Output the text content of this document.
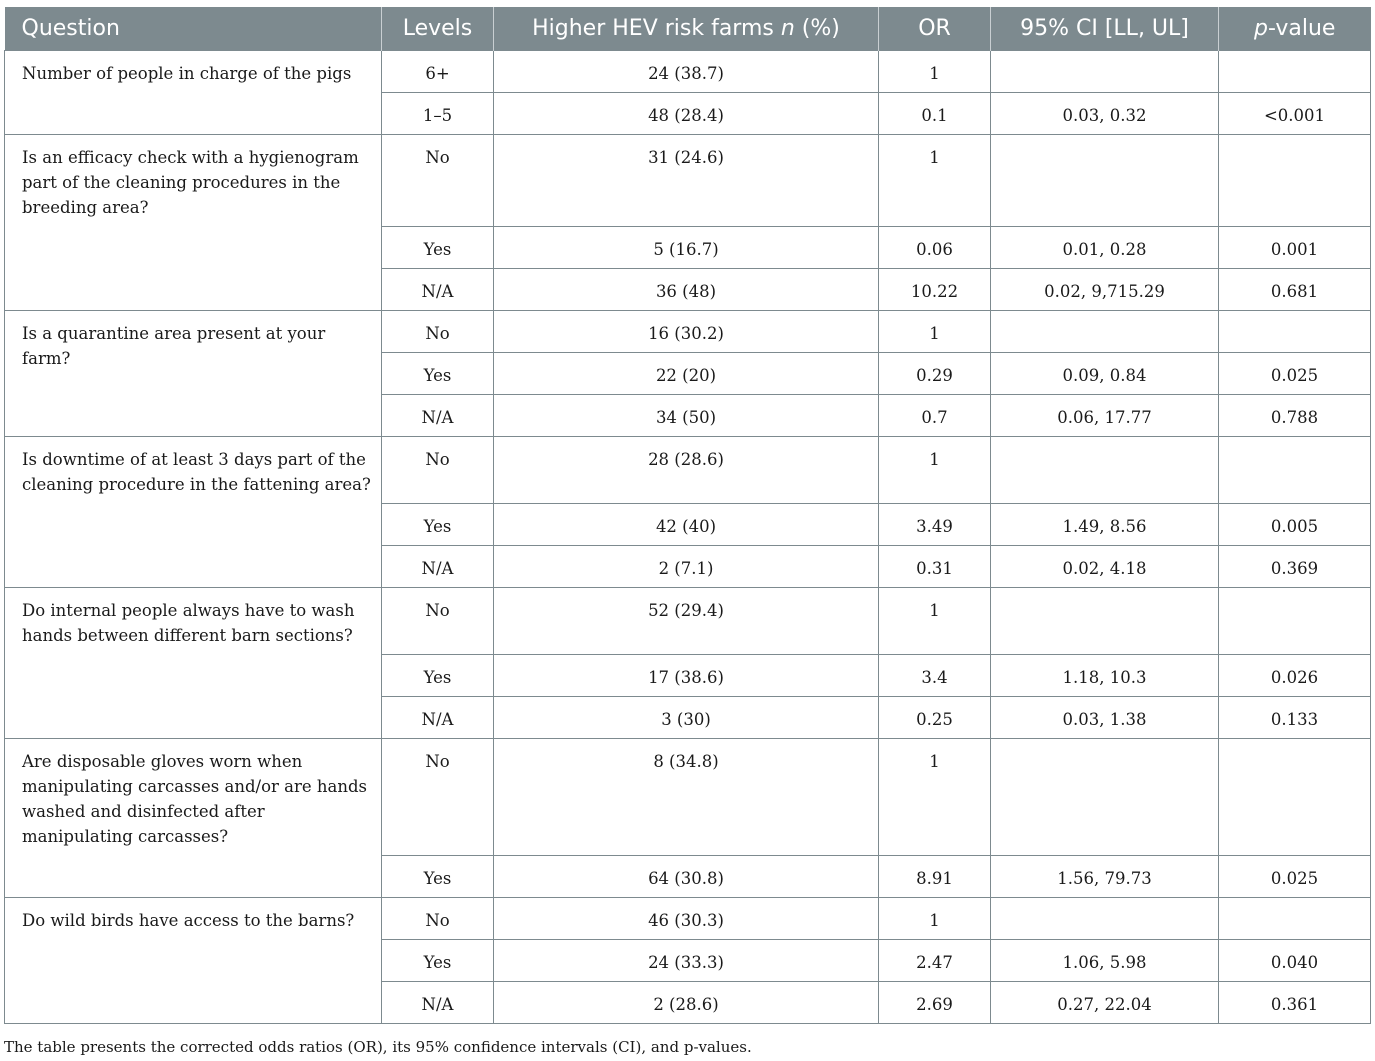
Question	Levels	Higher HEV risk farms n (%)	OR	95% CI [LL, UL]	p-value
Number of people in charge of the pigs	6+	24 (38.7)	1		
	1–5	48 (28.4)	0.1	0.03, 0.32	<0.001
Is an efficacy check with a hygienogram part of the cleaning procedures in the breeding area?	No	31 (24.6)	1		
	Yes	5 (16.7)	0.06	0.01, 0.28	0.001
	N/A	36 (48)	10.22	0.02, 9,715.29	0.681
Is a quarantine area present at your farm?	No	16 (30.2)	1		
	Yes	22 (20)	0.29	0.09, 0.84	0.025
	N/A	34 (50)	0.7	0.06, 17.77	0.788
Is downtime of at least 3 days part of the cleaning procedure in the fattening area?	No	28 (28.6)	1		
	Yes	42 (40)	3.49	1.49, 8.56	0.005
	N/A	2 (7.1)	0.31	0.02, 4.18	0.369
Do internal people always have to wash hands between different barn sections?	No	52 (29.4)	1		
	Yes	17 (38.6)	3.4	1.18, 10.3	0.026
	N/A	3 (30)	0.25	0.03, 1.38	0.133
Are disposable gloves worn when manipulating carcasses and/or are hands washed and disinfected after manipulating carcasses?	No	8 (34.8)	1		
	Yes	64 (30.8)	8.91	1.56, 79.73	0.025
Do wild birds have access to the barns?	No	46 (30.3)	1		
	Yes	24 (33.3)	2.47	1.06, 5.98	0.040
	N/A	2 (28.6)	2.69	0.27, 22.04	0.361
The table presents the corrected odds ratios (OR), its 95% confidence intervals (CI), and p-values.
